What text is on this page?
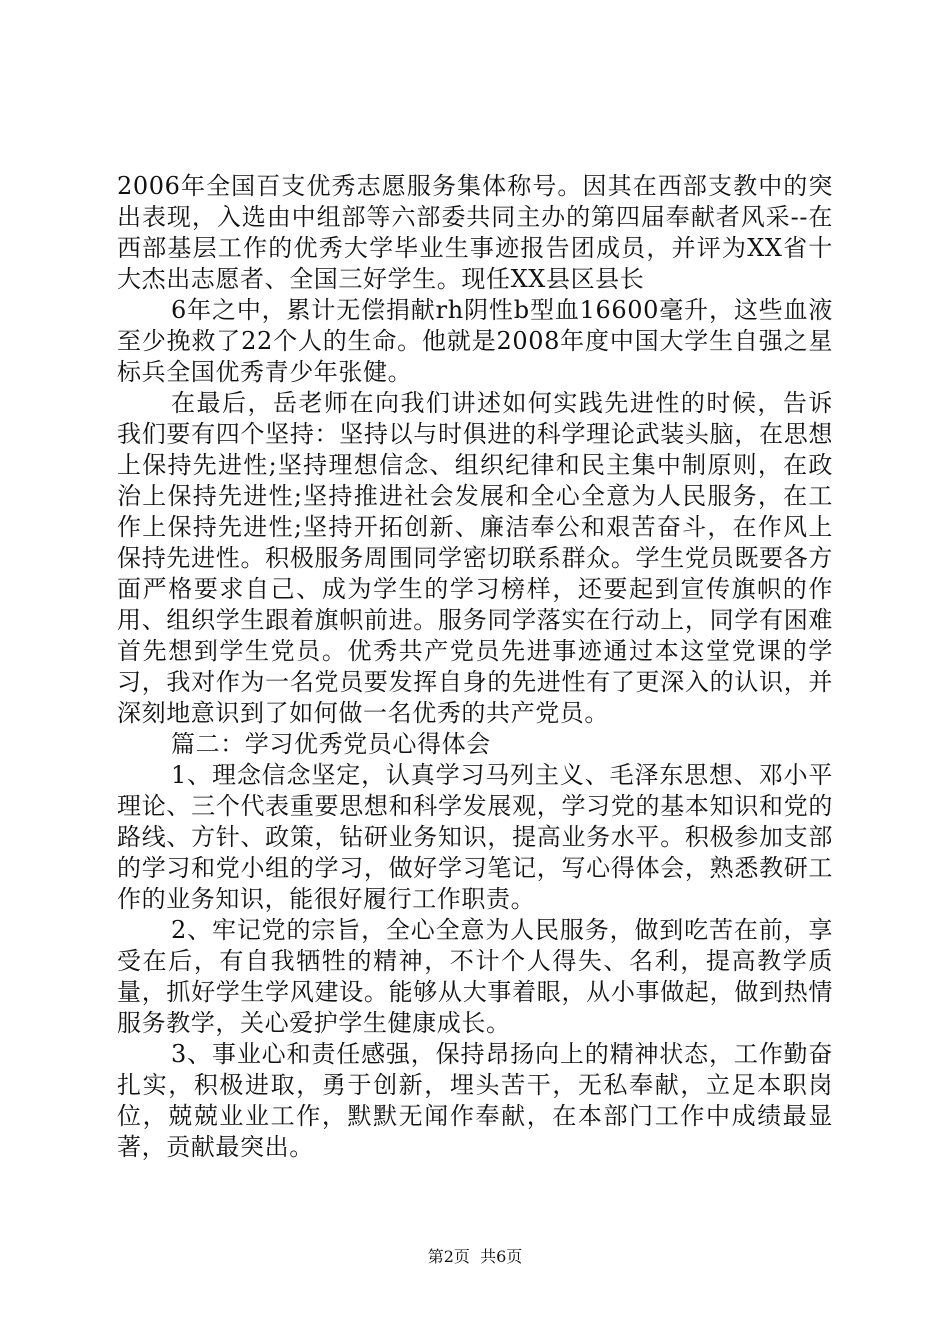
2006年全国百支优秀志愿服务集体称号。因其在西部支教中的突出表现，入选由中组部等六部委共同主办的第四届奉献者风采--在西部基层工作的优秀大学毕业生事迹报告团成员，并评为XX省十大杰出志愿者、全国三好学生。现任XX县区县长

6年之中，累计无偿捐献rh阴性b型血16600毫升，这些血液至少挽救了22个人的生命。他就是2008年度中国大学生自强之星标兵全国优秀青少年张健。

在最后，岳老师在向我们讲述如何实践先进性的时候，告诉我们要有四个坚持：坚持以与时俱进的科学理论武装头脑，在思想上保持先进性;坚持理想信念、组织纪律和民主集中制原则，在政治上保持先进性;坚持推进社会发展和全心全意为人民服务，在工作上保持先进性;坚持开拓创新、廉洁奉公和艰苦奋斗，在作风上保持先进性。积极服务周围同学密切联系群众。学生党员既要各方面严格要求自己、成为学生的学习榜样，还要起到宣传旗帜的作用、组织学生跟着旗帜前进。服务同学落实在行动上，同学有困难首先想到学生党员。优秀共产党员先进事迹通过本这堂党课的学习，我对作为一名党员要发挥自身的先进性有了更深入的认识，并深刻地意识到了如何做一名优秀的共产党员。

篇二：学习优秀党员心得体会

1、理念信念坚定，认真学习马列主义、毛泽东思想、邓小平理论、三个代表重要思想和科学发展观，学习党的基本知识和党的路线、方针、政策，钻研业务知识，提高业务水平。积极参加支部的学习和党小组的学习，做好学习笔记，写心得体会，熟悉教研工作的业务知识，能很好履行工作职责。

2、牢记党的宗旨，全心全意为人民服务，做到吃苦在前，享受在后，有自我牺牲的精神，不计个人得失、名利，提高教学质量，抓好学生学风建设。能够从大事着眼，从小事做起，做到热情服务教学，关心爱护学生健康成长。

3、事业心和责任感强，保持昂扬向上的精神状态，工作勤奋扎实，积极进取，勇于创新，埋头苦干，无私奉献，立足本职岗位，兢兢业业工作，默默无闻作奉献，在本部门工作中成绩最显著，贡献最突出。

第2页 共6页
